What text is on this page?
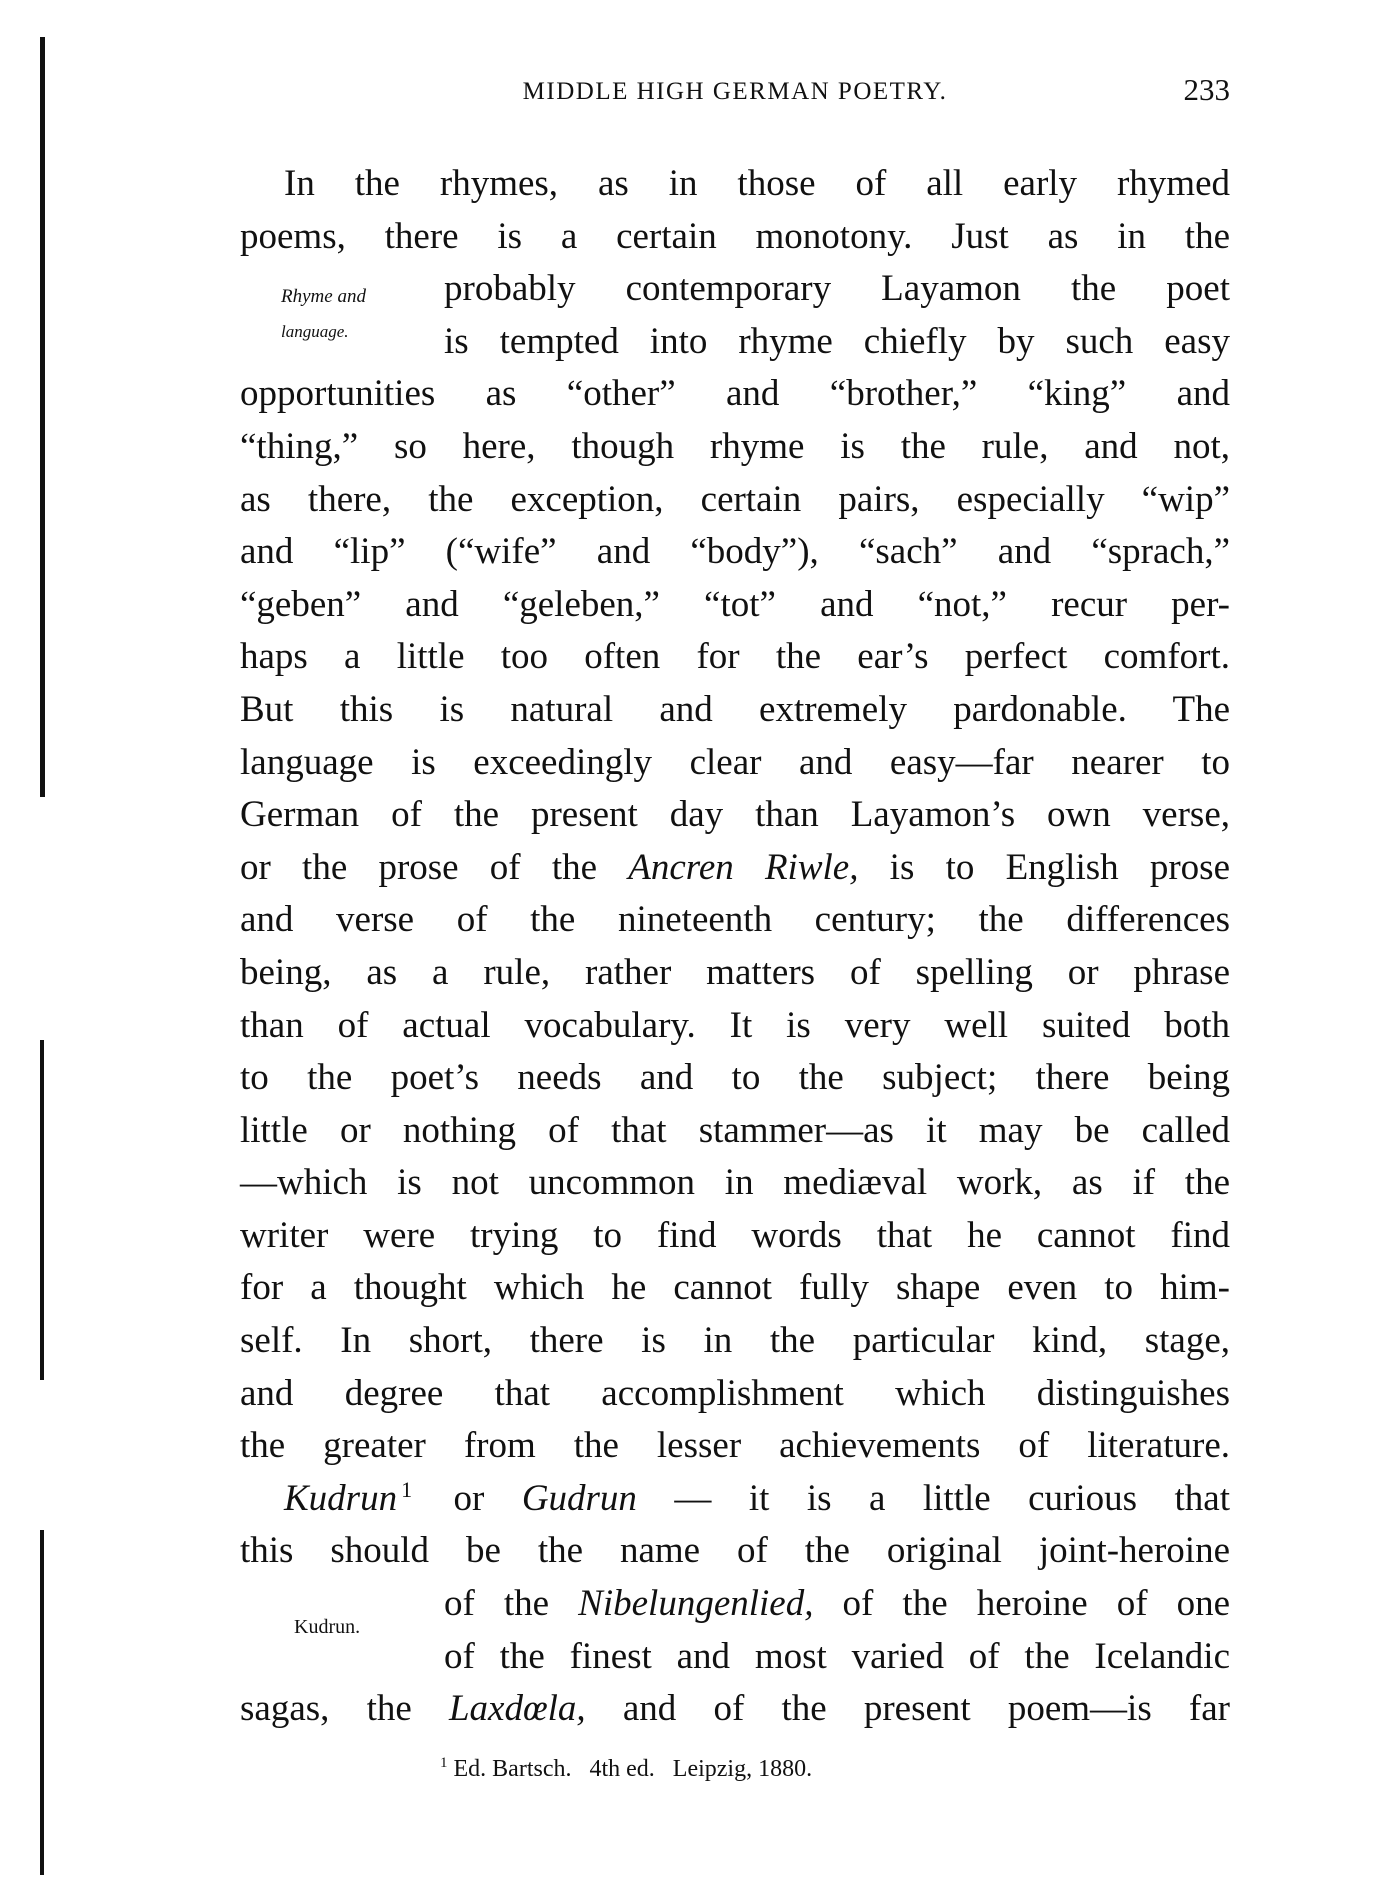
MIDDLE HIGH GERMAN POETRY.	233
Rhyme and
language.
Kudrun.
In the rhymes, as in those of all early rhymed
poems, there is a certain monotony. Just as in the
probably contemporary Layamon the poet
is tempted into rhyme chiefly by such easy
opportunities as “other” and “brother,” “king” and
“thing,” so here, though rhyme is the rule, and not,
as there, the exception, certain pairs, especially “wip”
and “lip” (“wife” and “body”), “sach” and “sprach,”
“geben” and “geleben,” “tot” and “not,” recur per-
haps a little too often for the ear’s perfect comfort.
But this is natural and extremely pardonable. The
language is exceedingly clear and easy—far nearer to
German of the present day than Layamon’s own verse,
or the prose of the Ancren Riwle, is to English prose
and verse of the nineteenth century; the differences
being, as a rule, rather matters of spelling or phrase
than of actual vocabulary. It is very well suited both
to the poet’s needs and to the subject; there being
little or nothing of that stammer—as it may be called
—which is not uncommon in mediæval work, as if the
writer were trying to find words that he cannot find
for a thought which he cannot fully shape even to him-
self. In short, there is in the particular kind, stage,
and degree that accomplishment which distinguishes
the greater from the lesser achievements of literature.
Kudrun $^1$ or Gudrun — it is a little curious that
this should be the name of the original joint-heroine
of the Nibelungenlied, of the heroine of one
of the finest and most varied of the Icelandic
sagas, the Laxdœla, and of the present poem—is far
$^1$ Ed. Bartsch.   4th ed.   Leipzig, 1880.
